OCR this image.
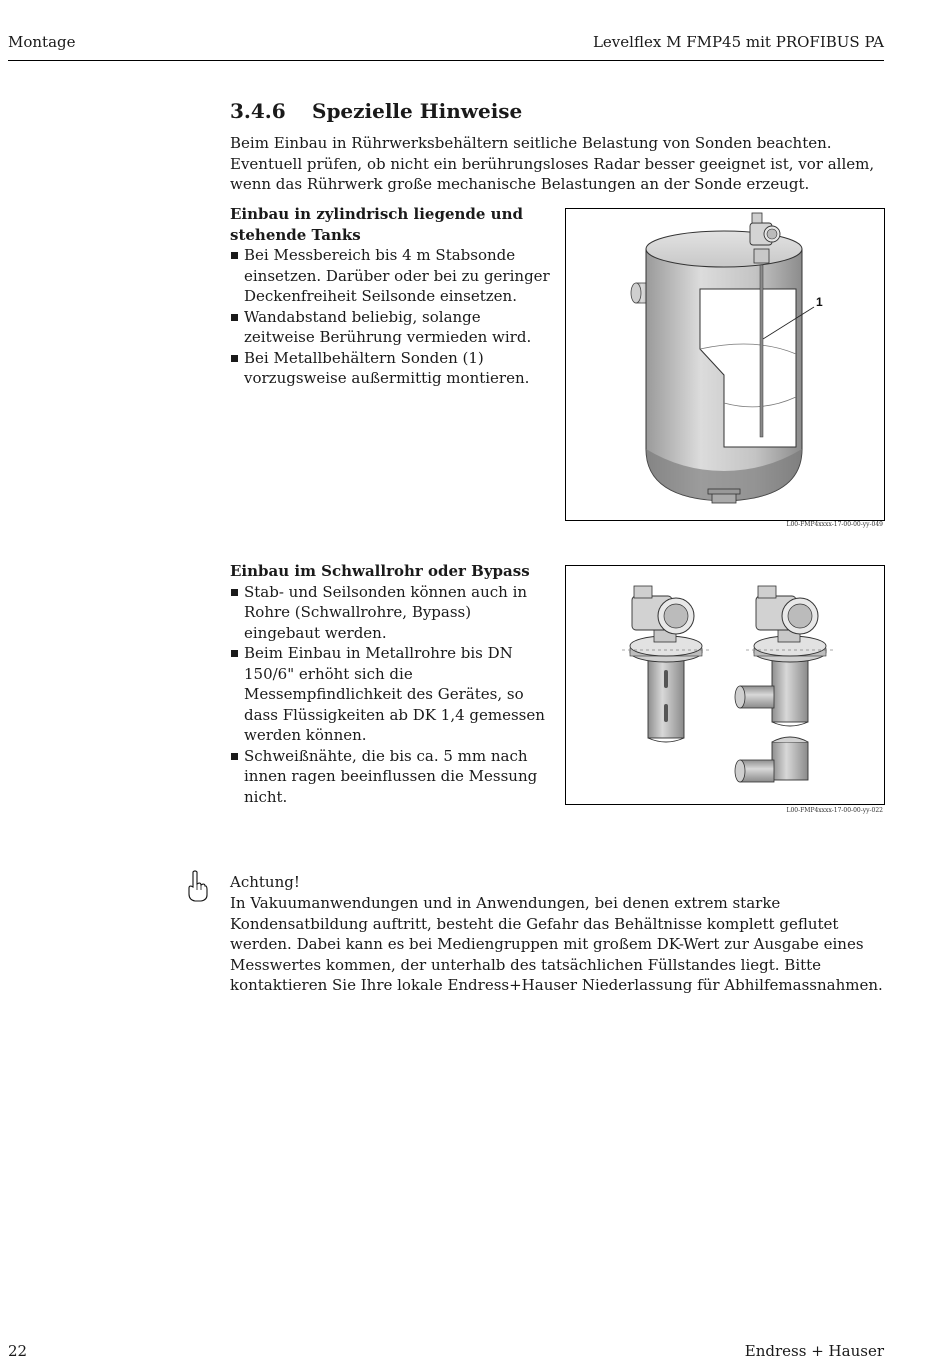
Montage	Levelflex M FMP45 mit PROFIBUS PA
3.4.6 Spezielle Hinweise
Beim Einbau in Rührwerksbehältern seitliche Belastung von Sonden beachten. Eventuell prüfen, ob nicht ein berührungsloses Radar besser geeignet ist, vor allem, wenn das Rührwerk große mechanische Belastungen an der Sonde erzeugt.
Einbau in zylindrisch liegende und stehende Tanks
Bei Messbereich bis 4 m Stabsonde einsetzen. Darüber oder bei zu geringer Deckenfreiheit Seilsonde einsetzen.
Wandabstand beliebig, solange zeitweise Berührung vermieden wird.
Bei Metallbehältern Sonden (1) vorzugsweise außermittig montieren.
1
L00-FMP4xxxx-17-00-00-yy-049
Einbau im Schwallrohr oder Bypass
Stab- und Seilsonden können auch in Rohre (Schwallrohre, Bypass) eingebaut werden.
Beim Einbau in Metallrohre bis DN 150/6" erhöht sich die Messempfindlichkeit des Gerätes, so dass Flüssigkeiten ab DK 1,4 gemessen werden können.
Schweißnähte, die bis ca. 5 mm nach innen ragen beeinflussen die Messung nicht.
L00-FMP4xxxx-17-00-00-yy-022
Achtung!
In Vakuumanwendungen und in Anwendungen, bei denen extrem starke Kondensatbildung auftritt, besteht die Gefahr das Behältnisse komplett geflutet werden. Dabei kann es bei Mediengruppen mit großem DK-Wert zur Ausgabe eines Messwertes kommen, der unterhalb des tatsächlichen Füllstandes liegt. Bitte kontaktieren Sie Ihre lokale Endress+Hauser Niederlassung für Abhilfemassnahmen.
22	Endress + Hauser
